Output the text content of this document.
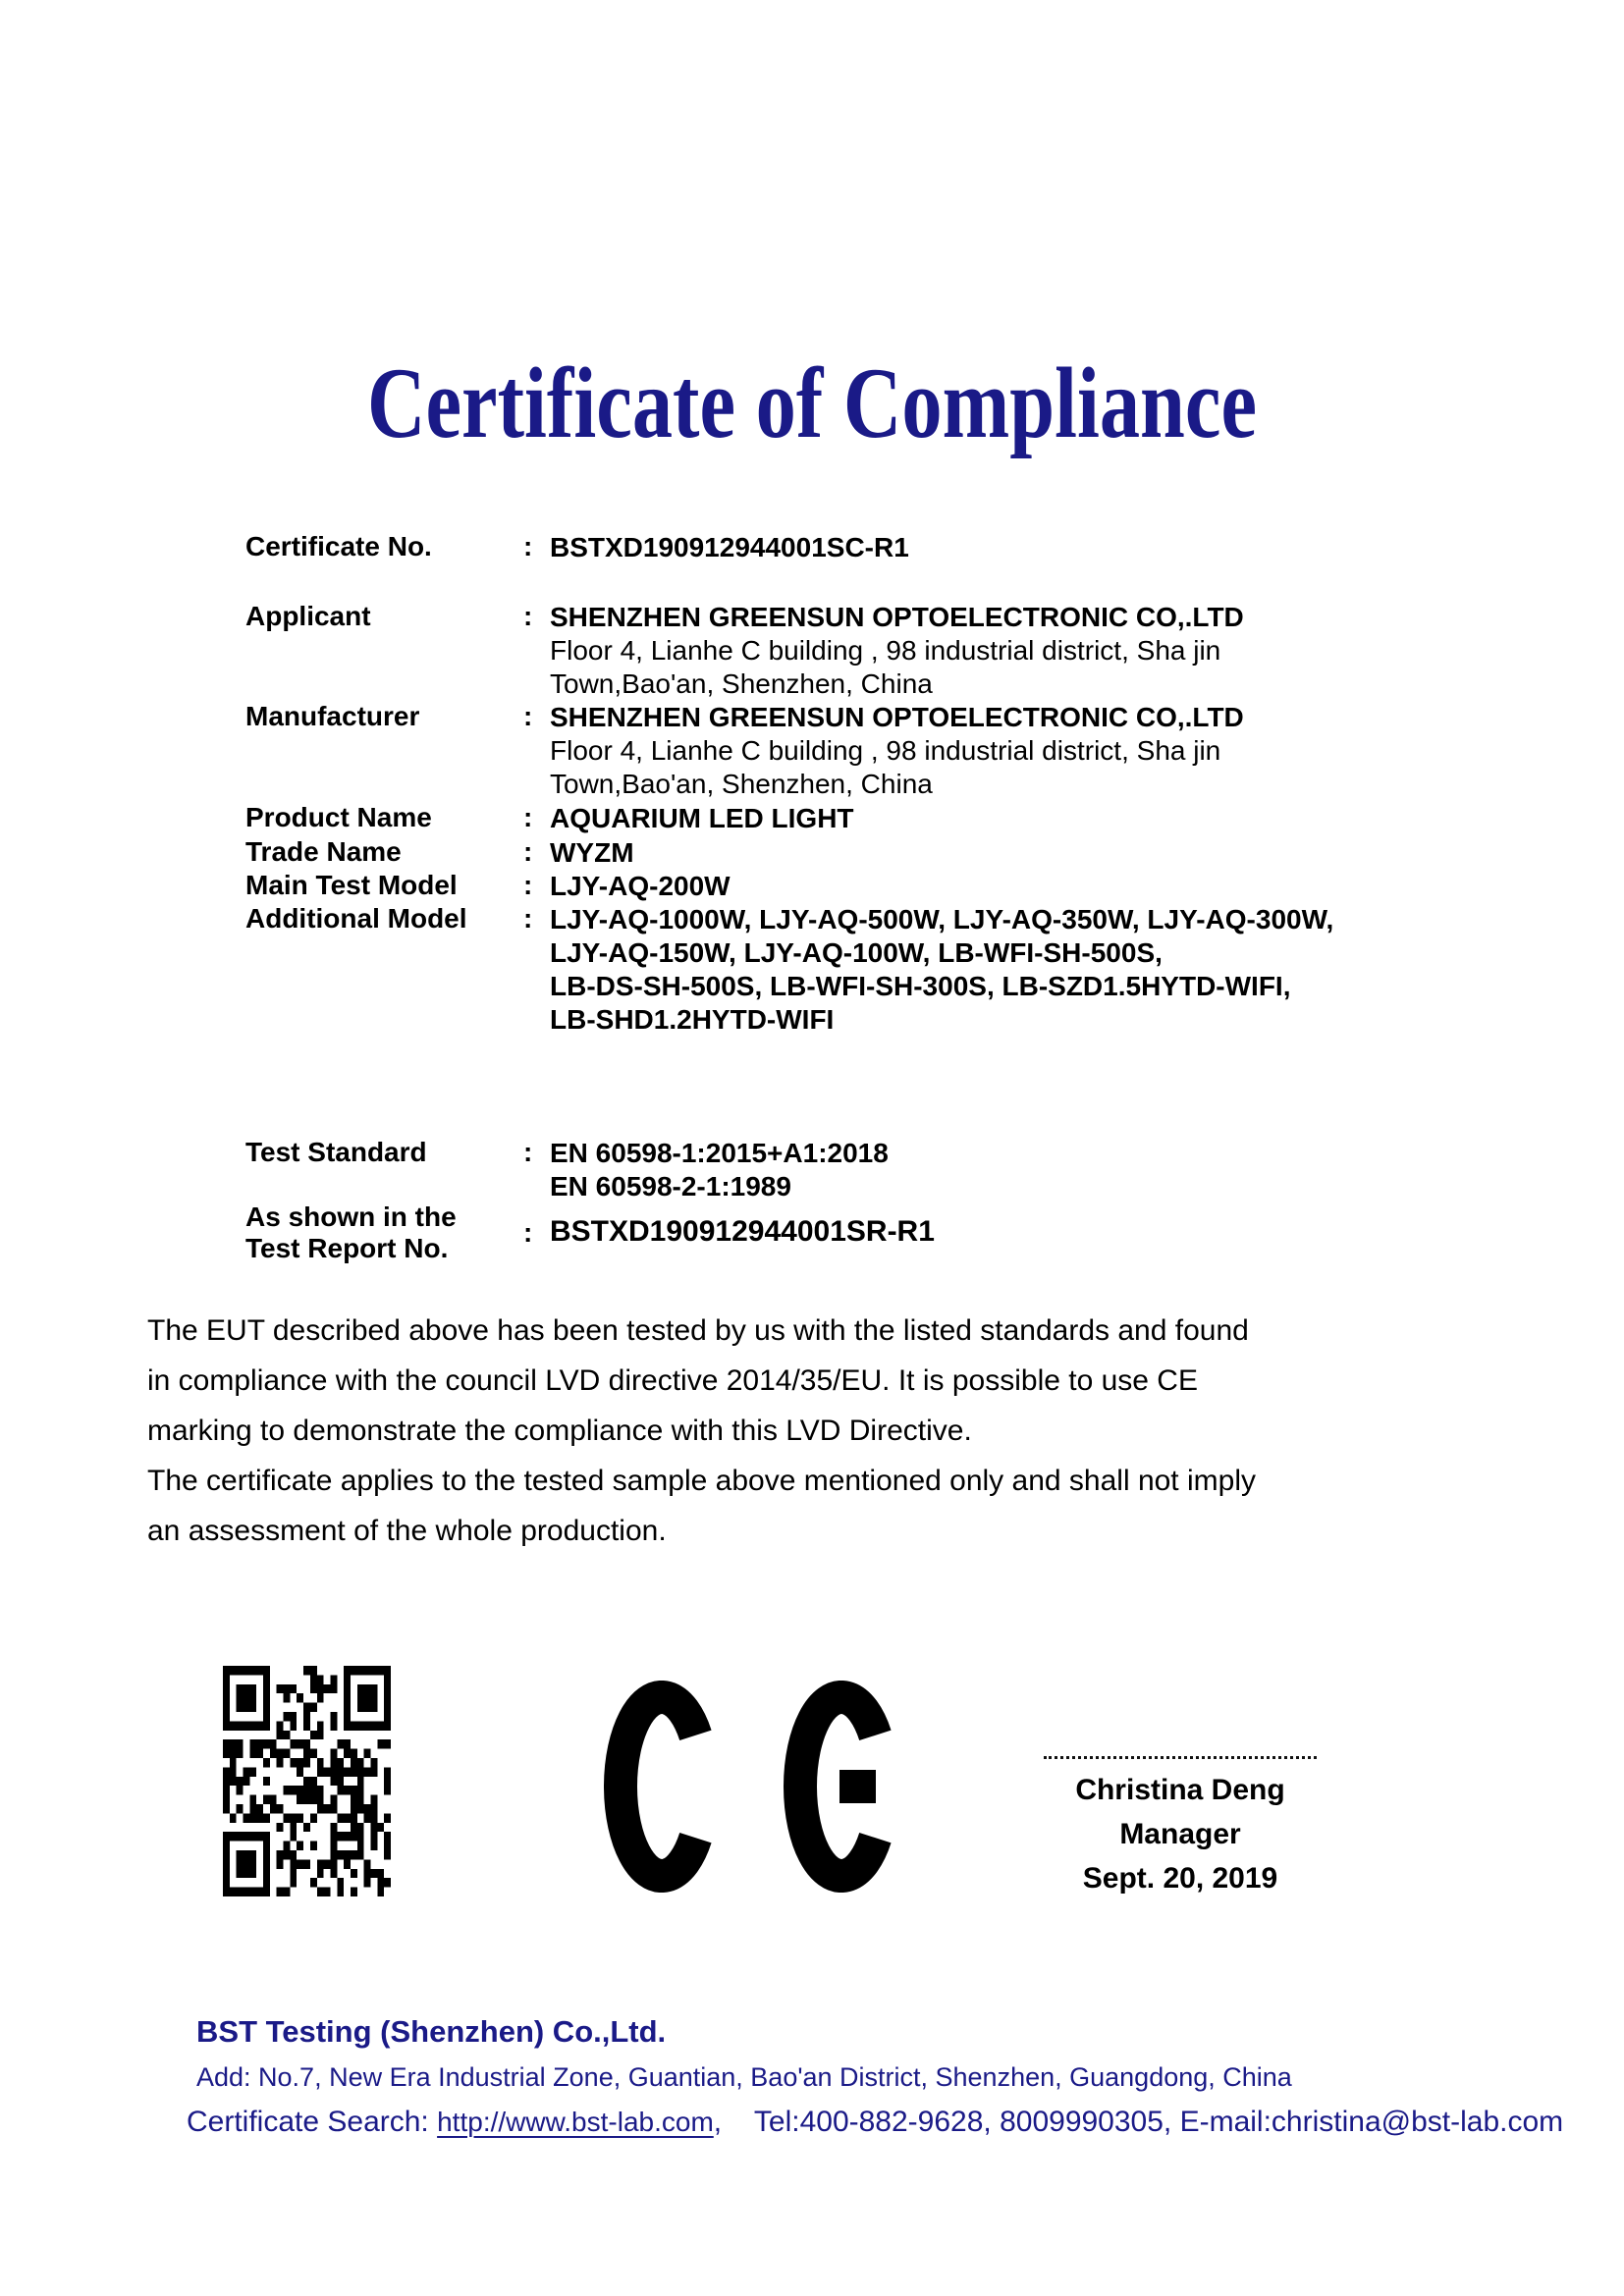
Certificate of Compliance
Certificate No.	: BSTXD190912944001SC-R1
Applicant	: SHENZHEN GREENSUN OPTOELECTRONIC CO,.LTD
Floor 4, Lianhe C building , 98 industrial district, Sha jin
Town,Bao'an, Shenzhen, China
Manufacturer	: SHENZHEN GREENSUN OPTOELECTRONIC CO,.LTD
Floor 4, Lianhe C building , 98 industrial district, Sha jin
Town,Bao'an, Shenzhen, China
Product Name	: AQUARIUM LED LIGHT
Trade Name	: WYZM
Main Test Model	: LJY-AQ-200W
Additional Model	: LJY-AQ-1000W, LJY-AQ-500W, LJY-AQ-350W, LJY-AQ-300W,
LJY-AQ-150W, LJY-AQ-100W, LB-WFI-SH-500S,
LB-DS-SH-500S, LB-WFI-SH-300S, LB-SZD1.5HYTD-WIFI,
LB-SHD1.2HYTD-WIFI
Test Standard	: EN 60598-1:2015+A1:2018
EN 60598-2-1:1989
As shown in the
Test Report No.
: BSTXD190912944001SR-R1
The EUT described above has been tested by us with the listed standards and found
in compliance with the council LVD directive 2014/35/EU. It is possible to use CE
marking to demonstrate the compliance with this LVD Directive.
The certificate applies to the tested sample above mentioned only and shall not imply
an assessment of the whole production.
Christina Deng
Manager
Sept. 20, 2019
BST Testing (Shenzhen) Co.,Ltd.
Add: No.7, New Era Industrial Zone, Guantian, Bao'an District, Shenzhen, Guangdong, China
Certificate Search: http://www.bst-lab.com,    Tel:400-882-9628, 8009990305, E-mail:christina@bst-lab.com
